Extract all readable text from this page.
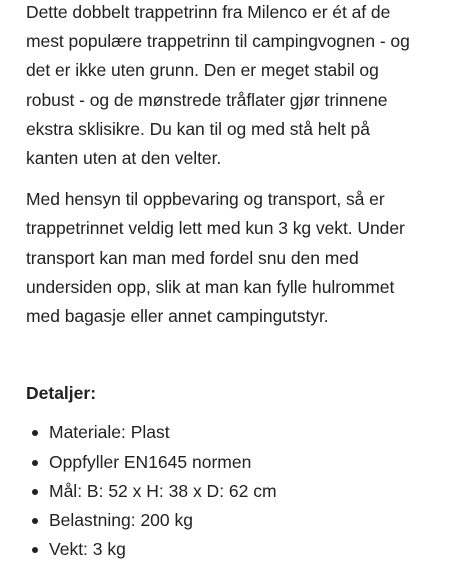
Dette dobbelt trappetrinn fra Milenco er ét af de
mest populære trappetrinn til campingvognen - og
det er ikke uten grunn. Den er meget stabil og
robust - og de mønstrede tråflater gjør trinnene
ekstra sklisikre. Du kan til og med stå helt på
kanten uten at den velter.

Med hensyn til oppbevaring og transport, så er
trappetrinnet veldig lett med kun 3 kg vekt. Under
transport kan man med fordel snu den med
undersiden opp, slik at man kan fylle hulrommet
med bagasje eller annet campingutstyr.

Detaljer:
Materiale: Plast
Oppfyller EN1645 normen
Mål: B: 52 x H: 38 x D: 62 cm
Belastning: 200 kg
Vekt: 3 kg
